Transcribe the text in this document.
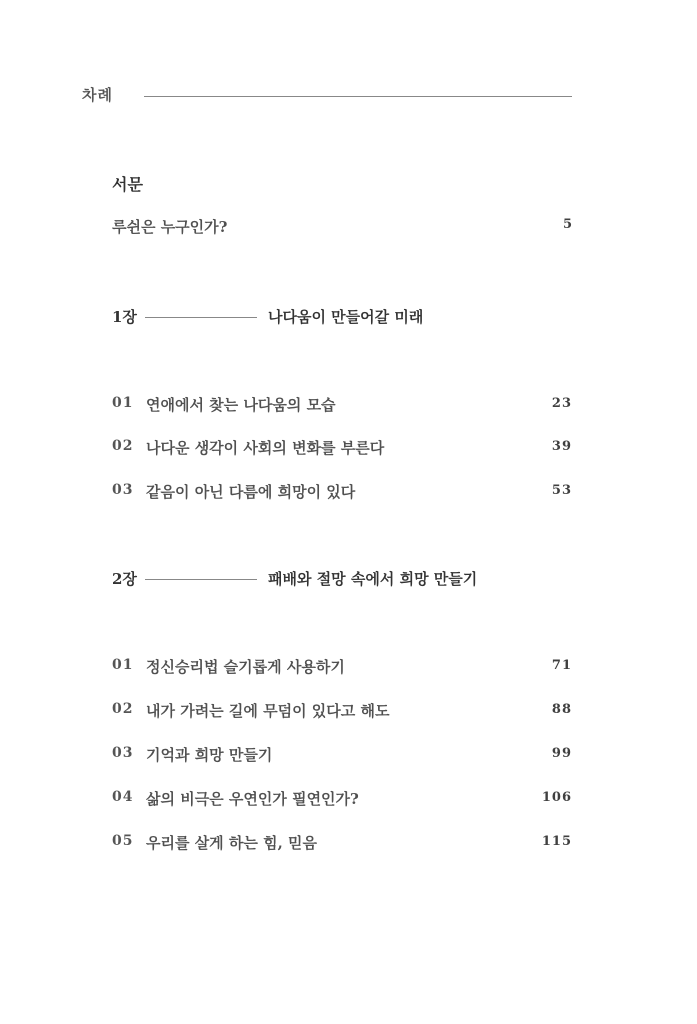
차례
서문
루쉰은 누구인가?	5
1장	나다움이 만들어갈 미래
01 연애에서 찾는 나다움의 모습	23
02 나다운 생각이 사회의 변화를 부른다	39
03 같음이 아닌 다름에 희망이 있다	53
2장	패배와 절망 속에서 희망 만들기
01 정신승리법 슬기롭게 사용하기	71
02 내가 가려는 길에 무덤이 있다고 해도	88
03 기억과 희망 만들기	99
04 삶의 비극은 우연인가 필연인가?	106
05 우리를 살게 하는 힘, 믿음	115
